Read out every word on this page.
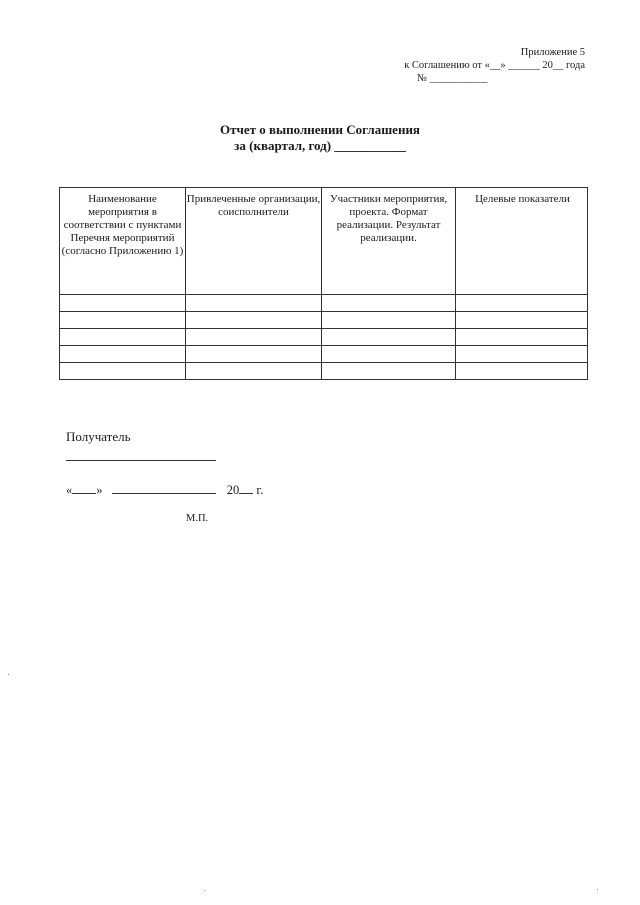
Приложение 5
к Соглашению от «__» ______ 20__ года
№ ___________
Отчет о выполнении Соглашения
за (квартал, год) ___________
Наименование мероприятия в соответствии с пунктами Перечня мероприятий (согласно Приложению 1)	Привлеченные организации, соисполнители	Участники мероприятия, проекта. Формат реализации. Результат реализации.	Целевые показатели

Получатель
« »	20 г.
М.П.
